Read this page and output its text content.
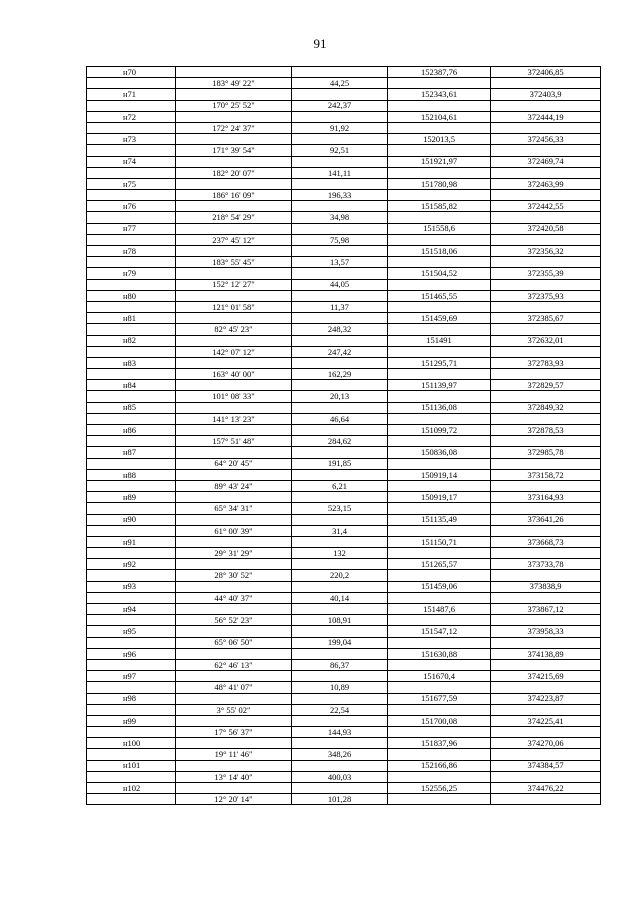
91
н70			152387,76	372406,85
	183° 49' 22"	44,25		
н71			152343,61	372403,9
	170° 25' 52"	242,37		
н72			152104,61	372444,19
	172° 24' 37"	91,92		
н73			152013,5	372456,33
	171° 39' 54"	92,51		
н74			151921,97	372469,74
	182° 20' 07"	141,11		
н75			151780,98	372463,99
	186° 16' 09"	196,33		
н76			151585,82	372442,55
	218° 54' 29"	34,98		
н77			151558,6	372420,58
	237° 45' 12"	75,98		
н78			151518,06	372356,32
	183° 55' 45"	13,57		
н79			151504,52	372355,39
	152° 12' 27"	44,05		
н80			151465,55	372375,93
	121° 01' 58"	11,37		
н81			151459,69	372385,67
	82° 45' 23"	248,32		
н82			151491	372632,01
	142° 07' 12"	247,42		
н83			151295,71	372783,93
	163° 40' 00"	162,29		
н84			151139,97	372829,57
	101° 08' 33"	20,13		
н85			151136,08	372849,32
	141° 13' 23"	46,64		
н86			151099,72	372878,53
	157° 51' 48"	284,62		
н87			150836,08	372985,78
	64° 20' 45"	191,85		
н88			150919,14	373158,72
	89° 43' 24"	6,21		
н89			150919,17	373164,93
	65° 34' 31"	523,15		
н90			151135,49	373641,26
	61° 00' 39"	31,4		
н91			151150,71	373668,73
	29° 31' 29"	132		
н92			151265,57	373733,78
	28° 30' 52"	220,2		
н93			151459,06	373838,9
	44° 40' 37"	40,14		
н94			151487,6	373867,12
	56° 52' 23"	108,91		
н95			151547,12	373958,33
	65° 06' 50"	199,04		
н96			151630,88	374138,89
	62° 46' 13"	86,37		
н97			151670,4	374215,69
	48° 41' 07"	10,89		
н98			151677,59	374223,87
	3° 55' 02"	22,54		
н99			151700,08	374225,41
	17° 56' 37"	144,93		
н100			151837,96	374270,06
	19° 11' 46"	348,26		
н101			152166,86	374384,57
	13° 14' 40"	400,03		
н102			152556,25	374476,22
	12° 20' 14"	101,28		
